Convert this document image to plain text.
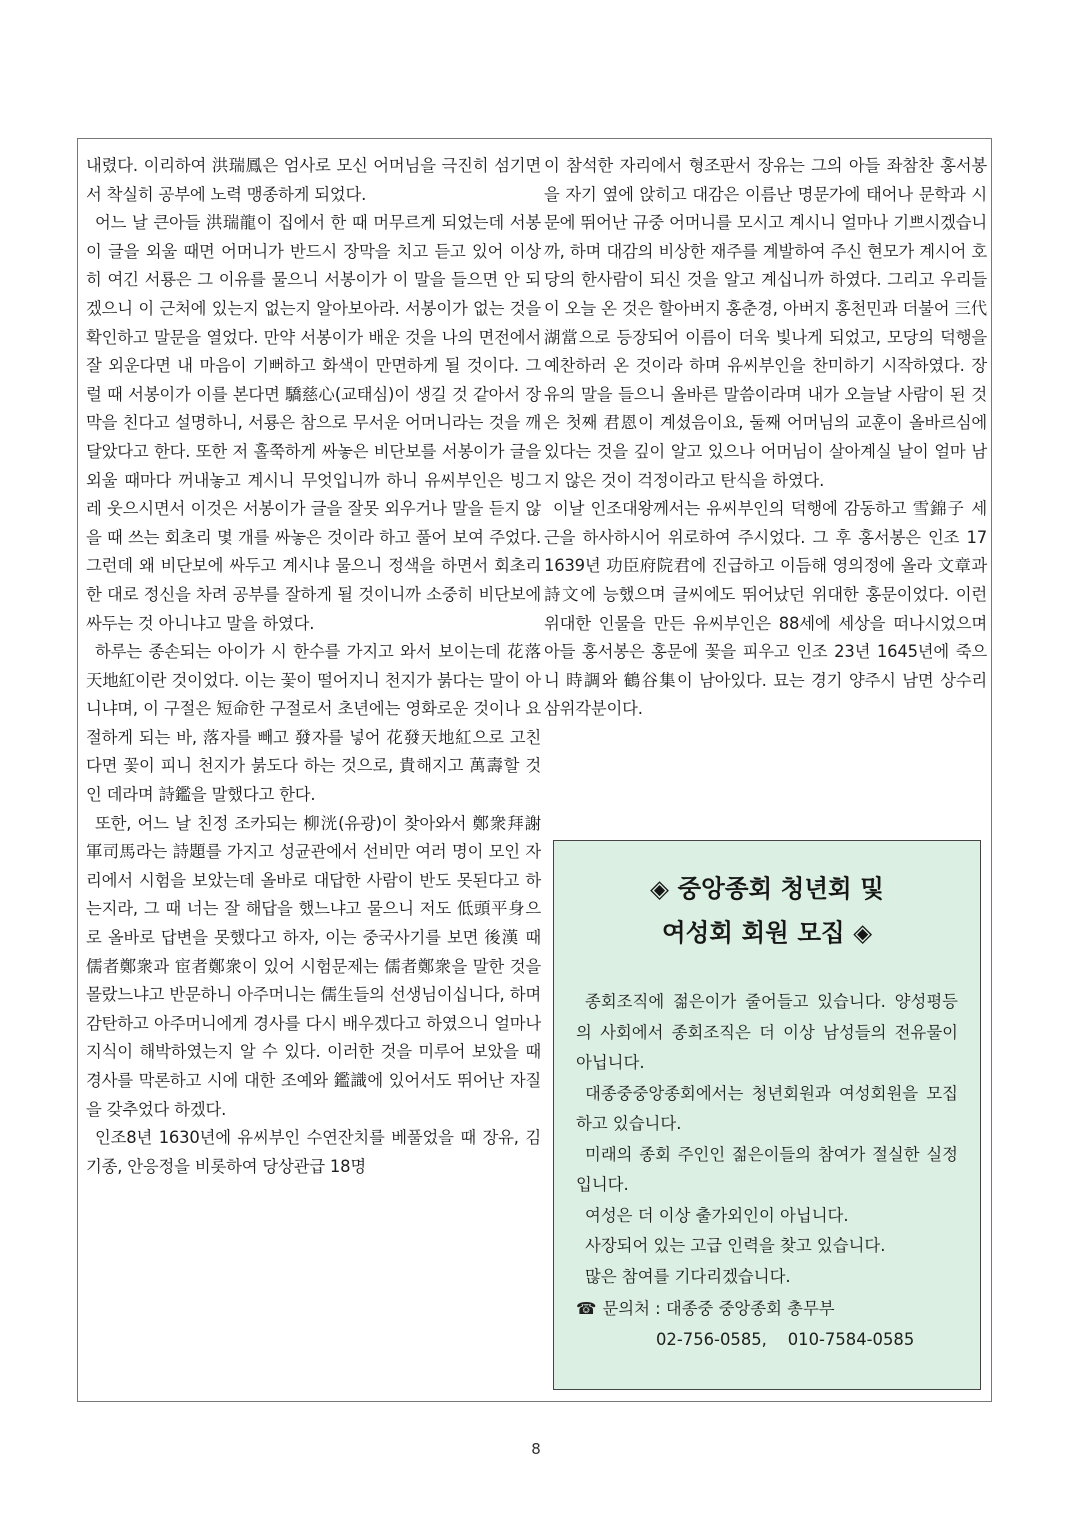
내렸다. 이리하여 洪瑞鳳은 엄사로 모신 어머님을 극진히 섬기면서 착실히 공부에 노력 맹종하게 되었다.

어느 날 큰아들 洪瑞龍이 집에서 한 때 머무르게 되었는데 서봉이 글을 외울 때면 어머니가 반드시 장막을 치고 듣고 있어 이상히 여긴 서룡은 그 이유를 물으니 서봉이가 이 말을 들으면 안 되겠으니 이 근처에 있는지 없는지 알아보아라. 서봉이가 없는 것을 확인하고 말문을 열었다. 만약 서봉이가 배운 것을 나의 면전에서 잘 외운다면 내 마음이 기뻐하고 화색이 만면하게 될 것이다. 그럴 때 서봉이가 이를 본다면 驕慈心(교태심)이 생길 것 같아서 장막을 친다고 설명하니, 서룡은 참으로 무서운 어머니라는 것을 깨달았다고 한다. 또한 저 홀쭉하게 싸놓은 비단보를 서봉이가 글을 외울 때마다 꺼내놓고 계시니 무엇입니까 하니 유씨부인은 빙그레 웃으시면서 이것은 서봉이가 글을 잘못 외우거나 말을 듣지 않을 때 쓰는 회초리 몇 개를 싸놓은 것이라 하고 풀어 보여 주었다. 그런데 왜 비단보에 싸두고 계시냐 물으니 정색을 하면서 회초리 한 대로 정신을 차려 공부를 잘하게 될 것이니까 소중히 비단보에 싸두는 것 아니냐고 말을 하였다.

하루는 종손되는 아이가 시 한수를 가지고 와서 보이는데 花落天地紅이란 것이었다. 이는 꽃이 떨어지니 천지가 붉다는 말이 아니냐며, 이 구절은 短命한 구절로서 초년에는 영화로운 것이나 요절하게 되는 바, 落자를 빼고 發자를 넣어 花發天地紅으로 고친다면 꽃이 피니 천지가 붉도다 하는 것으로, 貴해지고 萬壽할 것인 데라며 詩鑑을 말했다고 한다.

또한, 어느 날 친정 조카되는 柳洸(유광)이 찾아와서 鄭衆拜謝軍司馬라는 詩題를 가지고 성균관에서 선비만 여러 명이 모인 자리에서 시험을 보았는데 올바로 대답한 사람이 반도 못된다고 하는지라, 그 때 너는 잘 해답을 했느냐고 물으니 저도 低頭平身으로 올바로 답변을 못했다고 하자, 이는 중국사기를 보면 後漢 때 儒者鄭衆과 宦者鄭衆이 있어 시험문제는 儒者鄭衆을 말한 것을 몰랐느냐고 반문하니 아주머니는 儒生들의 선생님이십니다, 하며 감탄하고 아주머니에게 경사를 다시 배우겠다고 하였으니 얼마나 지식이 해박하였는지 알 수 있다. 이러한 것을 미루어 보았을 때 경사를 막론하고 시에 대한 조예와 鑑識에 있어서도 뛰어난 자질을 갖추었다 하겠다.

인조8년 1630년에 유씨부인 수연잔치를 베풀었을 때 장유, 김기종, 안응정을 비롯하여 당상관급 18명

이 참석한 자리에서 형조판서 장유는 그의 아들 좌참찬 홍서봉을 자기 옆에 앉히고 대감은 이름난 명문가에 태어나 문학과 시문에 뛰어난 규중 어머니를 모시고 계시니 얼마나 기쁘시겠습니까, 하며 대감의 비상한 재주를 계발하여 주신 현모가 계시어 호당의 한사람이 되신 것을 알고 계십니까 하였다. 그리고 우리들이 오늘 온 것은 할아버지 홍춘경, 아버지 홍천민과 더불어 三代湖當으로 등장되어 이름이 더욱 빛나게 되었고, 모당의 덕행을 예찬하러 온 것이라 하며 유씨부인을 찬미하기 시작하였다. 장유의 말을 들으니 올바른 말씀이라며 내가 오늘날 사람이 된 것은 첫째 君恩이 계셨음이요, 둘째 어머님의 교훈이 올바르심에 있다는 것을 깊이 알고 있으나 어머님이 살아계실 날이 얼마 남지 않은 것이 걱정이라고 탄식을 하였다.

이날 인조대왕께서는 유씨부인의 덕행에 감동하고 雪錦子 세근을 하사하시어 위로하여 주시었다. 그 후 홍서봉은 인조 17 1639년 功臣府院君에 진급하고 이듬해 영의정에 올라 文章과 詩文에 능했으며 글씨에도 뛰어났던 위대한 홍문이었다. 이런 위대한 인물을 만든 유씨부인은 88세에 세상을 떠나시었으며 아들 홍서봉은 홍문에 꽃을 피우고 인조 23년 1645년에 죽으니 時調와 鶴谷集이 남아있다. 묘는 경기 양주시 남면 상수리 삼위각분이다.

◈ 중앙종회 청년회 및
여성회 회원 모집 ◈

종회조직에 젊은이가 줄어들고 있습니다. 양성평등의 사회에서 종회조직은 더 이상 남성들의 전유물이 아닙니다.

대종중중앙종회에서는 청년회원과 여성회원을 모집하고 있습니다.

미래의 종회 주인인 젊은이들의 참여가 절실한 실정입니다.

여성은 더 이상 출가외인이 아닙니다.

사장되어 있는 고급 인력을 찾고 있습니다.

많은 참여를 기다리겠습니다.

☎ 문의처 : 대종중 중앙종회 총무부
02-756-0585,    010-7584-0585
8
